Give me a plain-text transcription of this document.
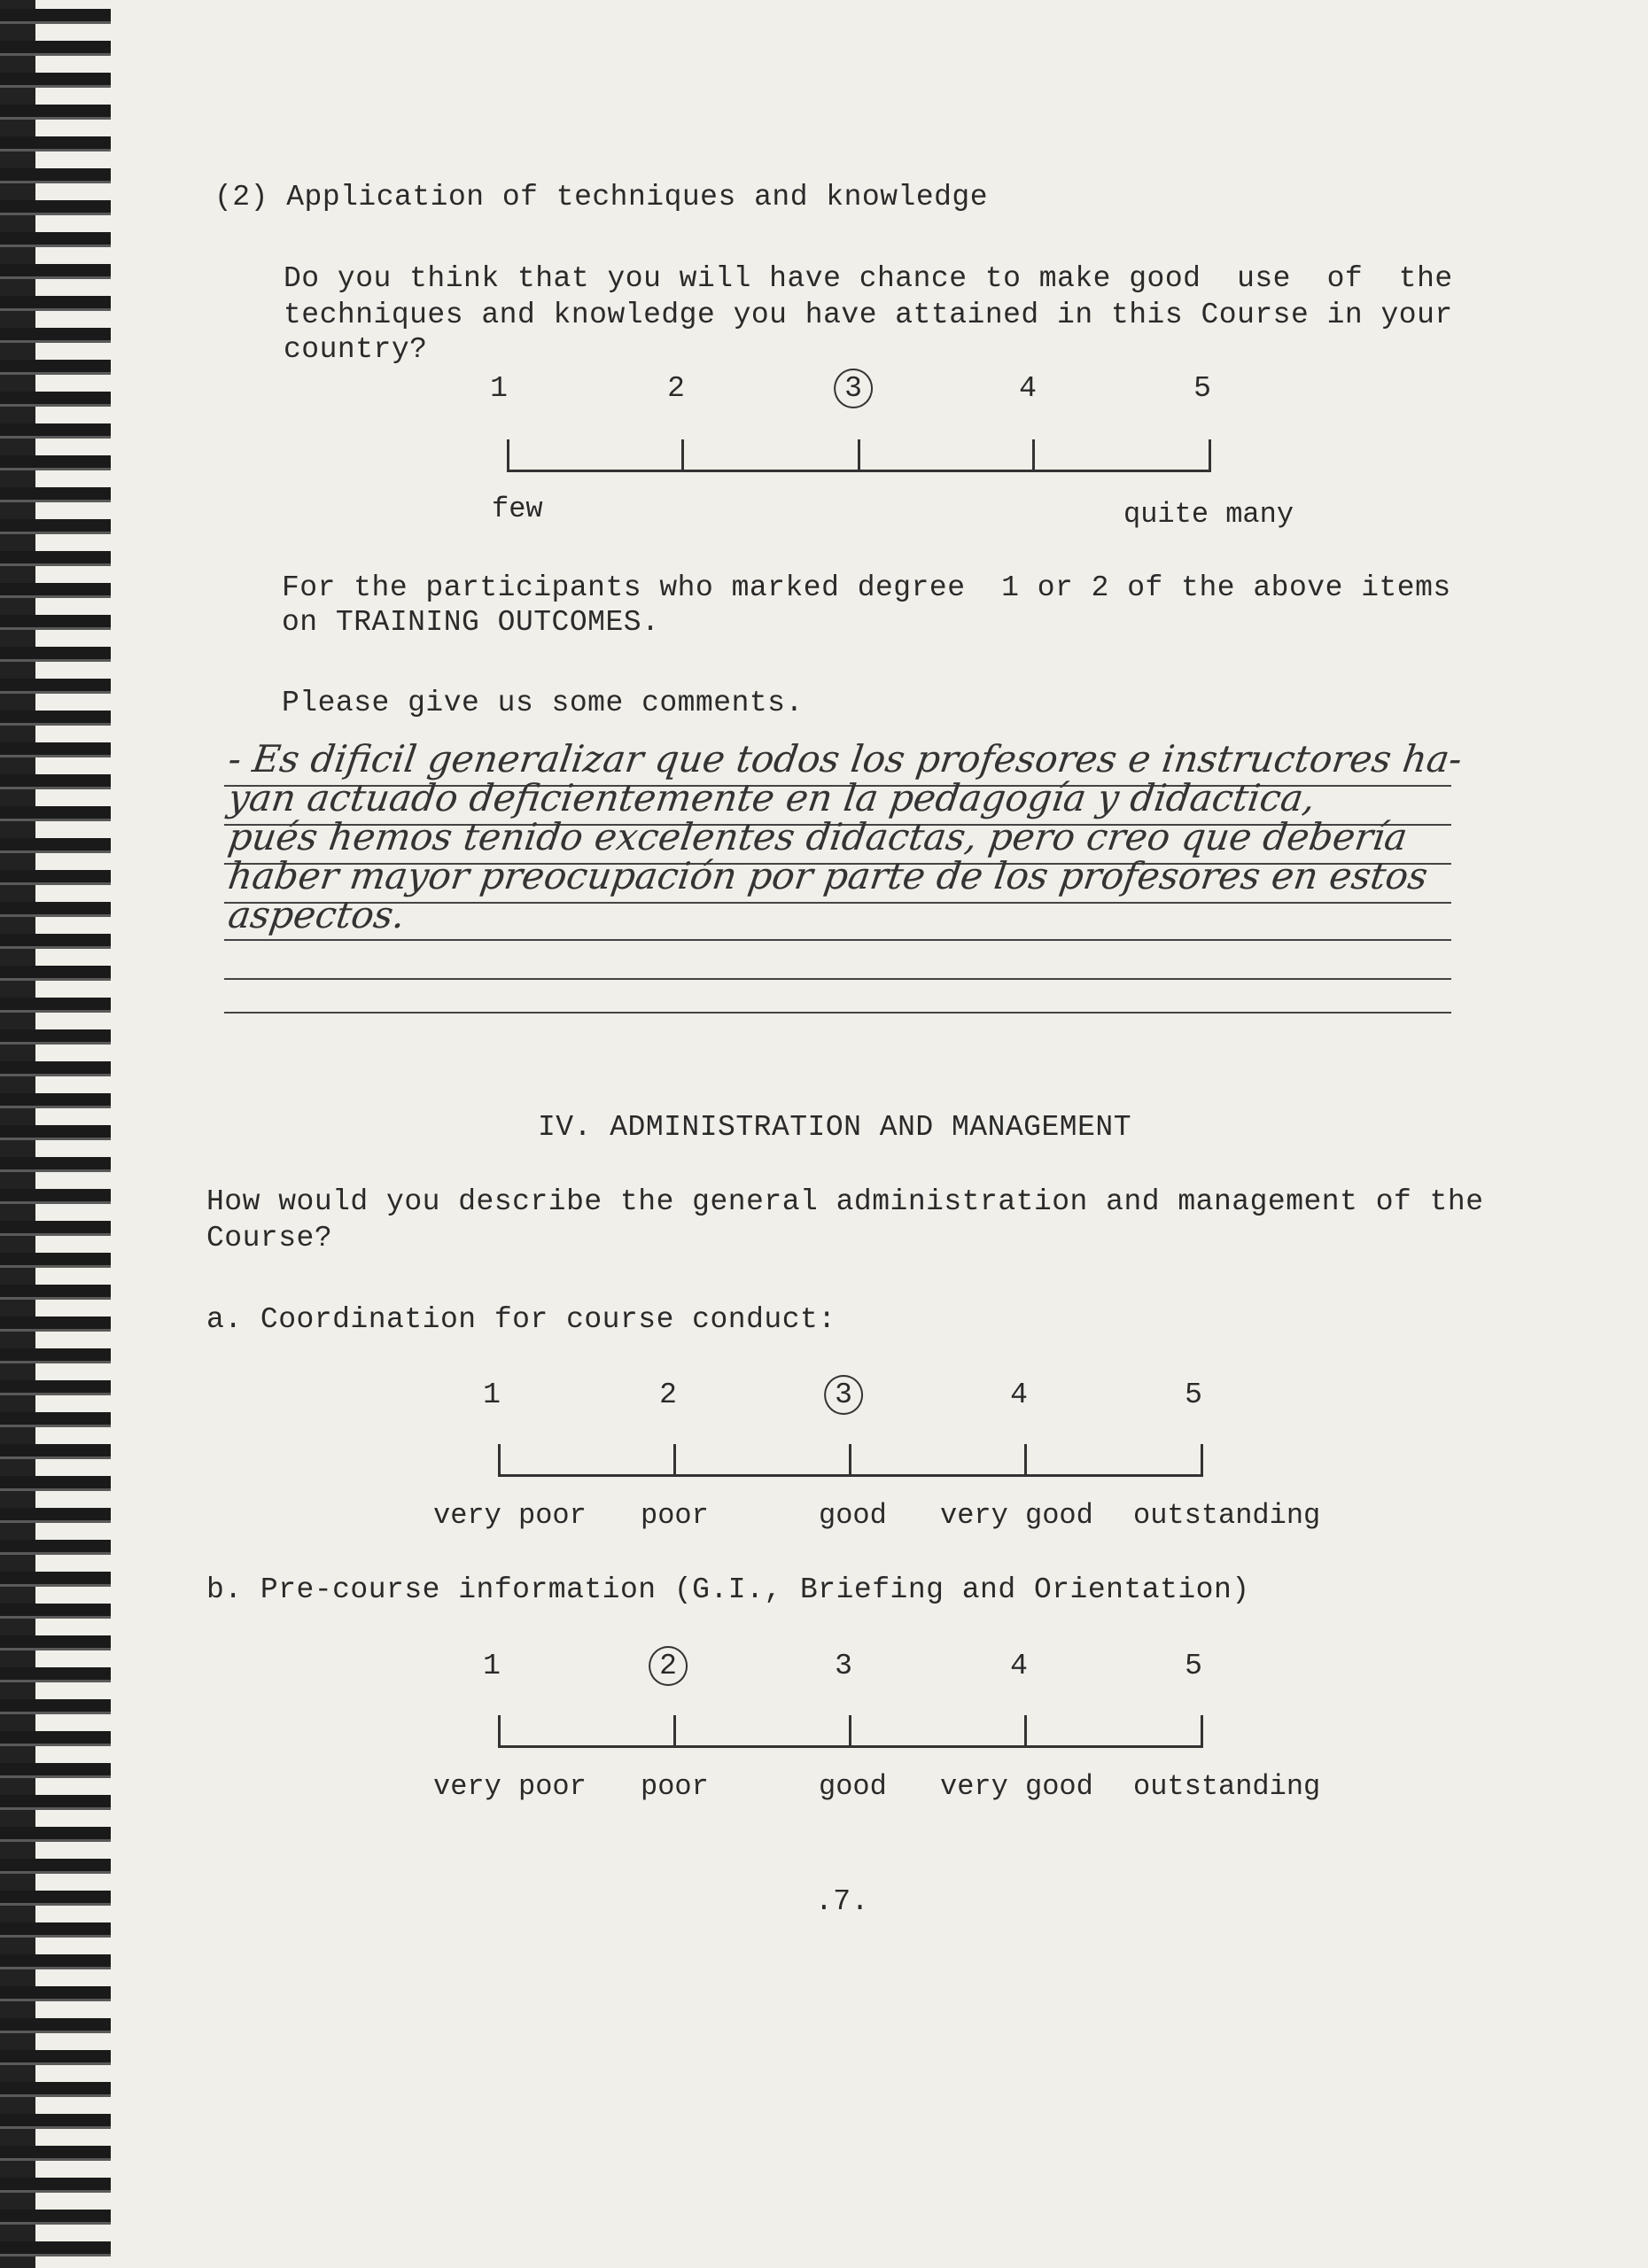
(2) Application of techniques and knowledge
Do you think that you will have chance to make good  use  of  the
techniques and knowledge you have attained in this Course in your
country?
1	2	3	4	5
few	quite many
For the participants who marked degree  1 or 2 of the above items
on TRAINING OUTCOMES.
Please give us some comments.
- Es dificil generalizar que todos los profesores e instructores ha-
yan actuado deficientemente en la pedagogía y didactica,
pués hemos tenido excelentes didactas, pero creo que debería
haber mayor preocupación por parte de los profesores en estos
aspectos.
IV. ADMINISTRATION AND MANAGEMENT
How would you describe the general administration and management of the
Course?
a. Coordination for course conduct:
1	2	3	4	5
very poor poor	good very good outstanding
b. Pre-course information (G.I., Briefing and Orientation)
1	2	3	4	5
very poor poor	good very good outstanding
.7.
